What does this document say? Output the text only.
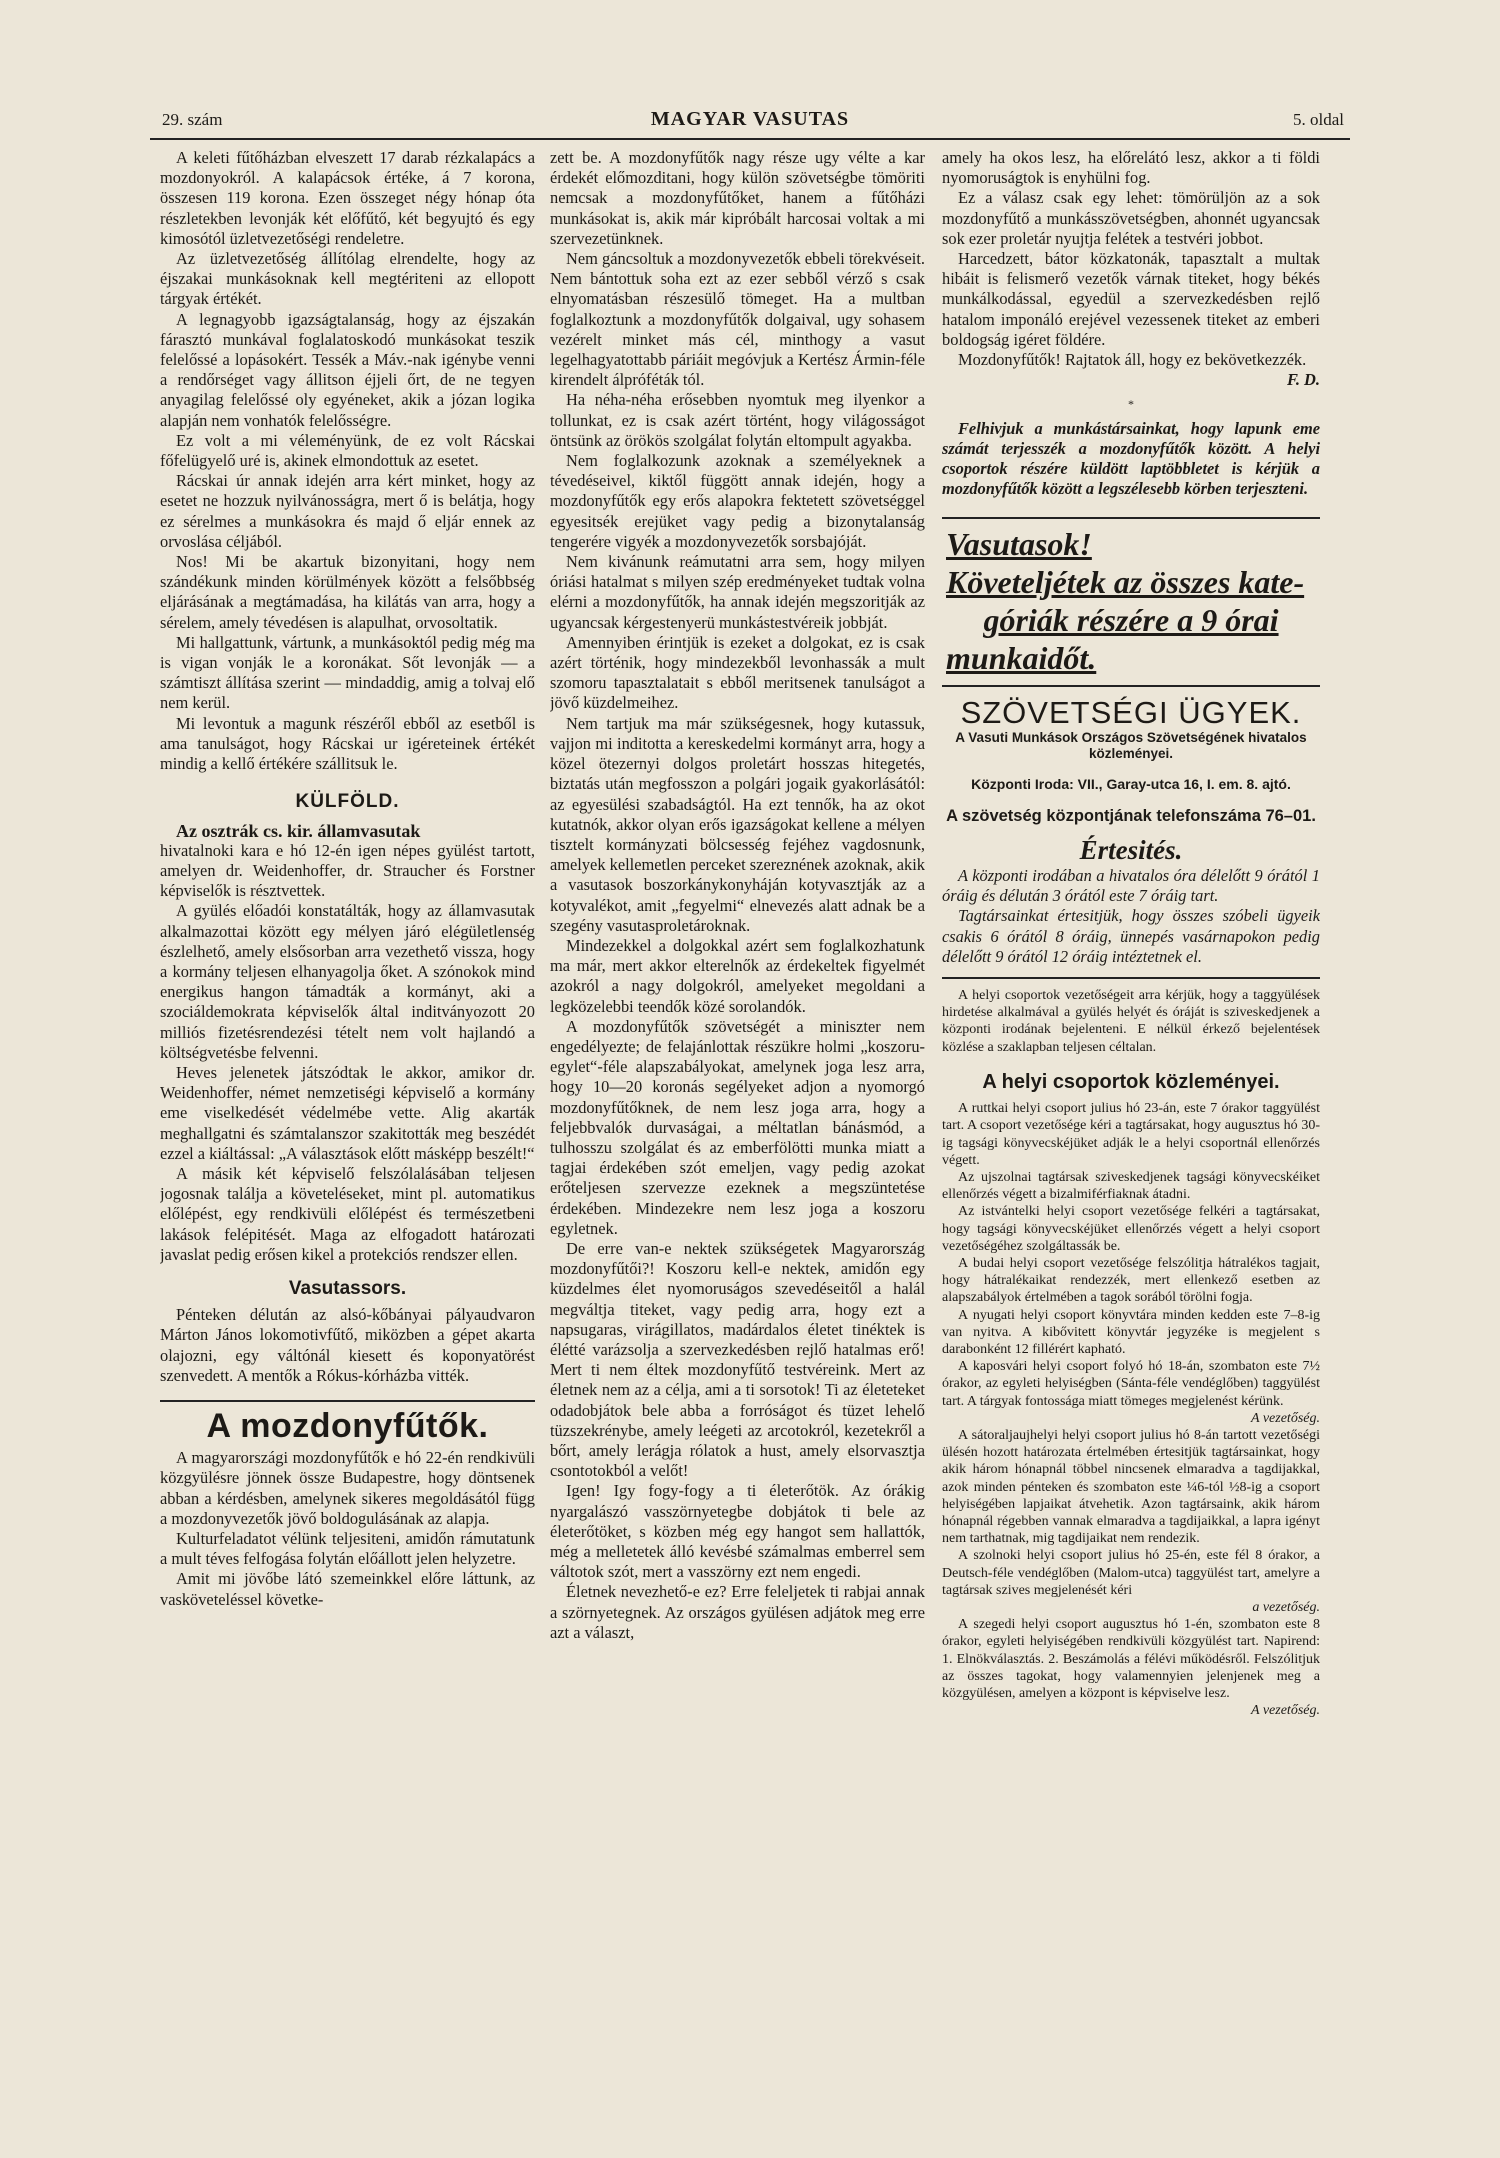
29. szám	MAGYAR VASUTAS	5. oldal

A keleti fűtőházban elveszett 17 darab rézkalapács a mozdonyokról. A kalapácsok értéke, á 7 korona, összesen 119 korona. Ezen összeget négy hónap óta részletekben levonják két előfűtő, két begyujtó és egy kimosótól üzletvezetőségi rendeletre.

Az üzletvezetőség állítólag elrendelte, hogy az éjszakai munkásoknak kell megtériteni az ellopott tárgyak értékét.

A legnagyobb igazságtalanság, hogy az éjszakán fárasztó munkával foglalatoskodó munkásokat teszik felelőssé a lopásokért. Tessék a Máv.-nak igénybe venni a rendőrséget vagy állitson éjjeli őrt, de ne tegyen anyagilag felelőssé oly egyéneket, akik a józan logika alapján nem vonhatók felelősségre.

Ez volt a mi véleményünk, de ez volt Rácskai főfelügyelő uré is, akinek elmondottuk az esetet.

Rácskai úr annak idején arra kért minket, hogy az esetet ne hozzuk nyilvánosságra, mert ő is belátja, hogy ez sérelmes a munkásokra és majd ő eljár ennek az orvoslása céljából.

Nos! Mi be akartuk bizonyitani, hogy nem szándékunk minden körülmények között a felsőbbség eljárásának a megtámadása, ha kilátás van arra, hogy a sérelem, amely tévedésen is alapulhat, orvosoltatik.

Mi hallgattunk, vártunk, a munkásoktól pedig még ma is vigan vonják le a koronákat. Sőt levonják — a számtiszt állítása szerint — mindaddig, amig a tolvaj elő nem kerül.

Mi levontuk a magunk részéről ebből az esetből is ama tanulságot, hogy Rácskai ur igéreteinek értékét mindig a kellő értékére szállitsuk le.

KÜLFÖLD.

Az osztrák cs. kir. államvasutak

hivatalnoki kara e hó 12-én igen népes gyülést tartott, amelyen dr. Weidenhoffer, dr. Straucher és Forstner képviselők is résztvettek.

A gyülés előadói konstatálták, hogy az államvasutak alkalmazottai között egy mélyen járó elégületlenség észlelhető, amely elsősorban arra vezethető vissza, hogy a kormány teljesen elhanyagolja őket. A szónokok mind energikus hangon támadták a kormányt, aki a szociáldemokrata képviselők által inditványozott 20 milliós fizetésrendezési tételt nem volt hajlandó a költségvetésbe felvenni.

Heves jelenetek játszódtak le akkor, amikor dr. Weidenhoffer, német nemzetiségi képviselő a kormány eme viselkedését védelmébe vette. Alig akarták meghallgatni és számtalanszor szakitották meg beszédét ezzel a kiáltással: „A választások előtt másképp beszélt!“

A másik két képviselő felszólalásában teljesen jogosnak találja a követeléseket, mint pl. automatikus előlépést, egy rendkivüli előlépést és természetbeni lakások felépitését. Maga az elfogadott határozati javaslat pedig erősen kikel a protekciós rendszer ellen.

Vasutassors.

Pénteken délután az alsó-kőbányai pályaudvaron Márton János lokomotivfűtő, miközben a gépet akarta olajozni, egy váltónál kiesett és koponyatörést szenvedett. A mentők a Rókus-kórházba vitték.

A mozdonyfűtők.

A magyarországi mozdonyfűtők e hó 22-én rendkivüli közgyülésre jönnek össze Budapestre, hogy döntsenek abban a kérdésben, amelynek sikeres megoldásától függ a mozdonyvezetők jövő boldogulásának az alapja.

Kulturfeladatot vélünk teljesiteni, amidőn rámutatunk a mult téves felfogása folytán előállott jelen helyzetre.

Amit mi jövőbe látó szemeinkkel előre láttunk, az vasköveteléssel követke-

zett be. A mozdonyfűtők nagy része ugy vélte a kar érdekét előmozditani, hogy külön szövetségbe tömöriti nemcsak a mozdonyfűtőket, hanem a fűtőházi munkásokat is, akik már kipróbált harcosai voltak a mi szervezetünknek.

Nem gáncsoltuk a mozdonyvezetők ebbeli törekvéseit. Nem bántottuk soha ezt az ezer sebből vérző s csak elnyomatásban részesülő tömeget. Ha a multban foglalkoztunk a mozdonyfűtők dolgaival, ugy sohasem vezérelt minket más cél, minthogy a vasut legelhagyatottabb páriáit megóvjuk a Kertész Ármin-féle kirendelt álpróféták tól.

Ha néha-néha erősebben nyomtuk meg ilyenkor a tollunkat, ez is csak azért történt, hogy világosságot öntsünk az örökös szolgálat folytán eltompult agyakba.

Nem foglalkozunk azoknak a személyeknek a tévedéseivel, kiktől függött annak idején, hogy a mozdonyfűtők egy erős alapokra fektetett szövetséggel egyesitsék erejüket vagy pedig a bizonytalanság tengerére vigyék a mozdonyvezetők sorsbajóját.

Nem kivánunk reámutatni arra sem, hogy milyen óriási hatalmat s milyen szép eredményeket tudtak volna elérni a mozdonyfűtők, ha annak idején megszoritják az ugyancsak kérgestenyerü munkástestvéreik jobbját.

Amennyiben érintjük is ezeket a dolgokat, ez is csak azért történik, hogy mindezekből levonhassák a mult szomoru tapasztalatait s ebből meritsenek tanulságot a jövő küzdelmeihez.

Nem tartjuk ma már szükségesnek, hogy kutassuk, vajjon mi inditotta a kereskedelmi kormányt arra, hogy a közel ötezernyi dolgos proletárt hosszas hitegetés, biztatás után megfosszon a polgári jogaik gyakorlásától: az egyesülési szabadságtól. Ha ezt tennők, ha az okot kutatnók, akkor olyan erős igazságokat kellene a mélyen tisztelt kormányzati bölcsesség fejéhez vagdosnunk, amelyek kellemetlen perceket szereznének azoknak, akik a vasutasok boszorkánykonyháján kotyvasztják az a kotyvalékot, amit „fegyelmi“ elnevezés alatt adnak be a szegény vasutasproletároknak.

Mindezekkel a dolgokkal azért sem foglalkozhatunk ma már, mert akkor elterelnők az érdekeltek figyelmét azokról a nagy dolgokról, amelyeket megoldani a legközelebbi teendők közé sorolandók.

A mozdonyfűtők szövetségét a miniszter nem engedélyezte; de felajánlottak részükre holmi „koszoru-egylet“-féle alapszabályokat, amelynek joga lesz arra, hogy 10—20 koronás segélyeket adjon a nyomorgó mozdonyfűtőknek, de nem lesz joga arra, hogy a feljebbvalók durvaságai, a méltatlan bánásmód, a tulhosszu szolgálat és az emberfölötti munka miatt a tagjai érdekében szót emeljen, vagy pedig azokat erőteljesen szervezze ezeknek a megszüntetése érdekében. Mindezekre nem lesz joga a koszoru egyletnek.

De erre van-e nektek szükségetek Magyarország mozdonyfűtői?! Koszoru kell-e nektek, amidőn egy küzdelmes élet nyomoruságos szevedéseitől a halál megváltja titeket, vagy pedig arra, hogy ezt a napsugaras, virágillatos, madárdalos életet tinéktek is élétté varázsolja a szervezkedésben rejlő hatalmas erő! Mert ti nem éltek mozdonyfűtő testvéreink. Mert az életnek nem az a célja, ami a ti sorsotok! Ti az életeteket odadobjátok bele abba a forróságot és tüzet lehelő tüzszekrénybe, amely leégeti az arcotokról, kezetekről a bőrt, amely lerágja rólatok a hust, amely elsorvasztja csontotokból a velőt!

Igen! Igy fogy-fogy a ti életerőtök. Az órákig nyargalászó vasszörnyetegbe dobjátok ti bele az életerőtöket, s közben még egy hangot sem hallattók, még a melletetek álló kevésbé számalmas emberrel sem váltotok szót, mert a vasszörny ezt nem engedi.

Életnek nevezhető-e ez? Erre feleljetek ti rabjai annak a szörnyetegnek. Az országos gyülésen adjátok meg erre azt a választ,

amely ha okos lesz, ha előrelátó lesz, akkor a ti földi nyomoruságtok is enyhülni fog.

Ez a válasz csak egy lehet: tömörüljön az a sok mozdonyfűtő a munkásszövetségben, ahonnét ugyancsak sok ezer proletár nyujtja felétek a testvéri jobbot.

Harcedzett, bátor közkatonák, tapasztalt a multak hibáit is felismerő vezetők várnak titeket, hogy békés munkálkodással, egyedül a szervezkedésben rejlő hatalom imponáló erejével vezessenek titeket az emberi boldogság igéret földére.

Mozdonyfűtők! Rajtatok áll, hogy ez bekövetkezzék.

F. D.

*

Felhivjuk a munkástársainkat, hogy lapunk eme számát terjesszék a mozdonyfűtők között. A helyi csoportok részére küldött laptöbbletet is kérjük a mozdonyfűtők között a legszélesebb körben terjeszteni.

Vasutasok!
Követeljétek az összes kate-
góriák részére a 9 órai
munkaidőt.
SZÖVETSÉGI ÜGYEK.
A Vasuti Munkások Országos Szövetségének hivatalos közleményei.
Központi Iroda: VII., Garay-utca 16, I. em. 8. ajtó.
A szövetség központjának telefonszáma 76–01.
Értesités.

A központi irodában a hivatalos óra délelőtt 9 órától 1 óráig és délután 3 órától este 7 óráig tart.

Tagtársainkat értesitjük, hogy összes szóbeli ügyeik csakis 6 órától 8 óráig, ünnepés vasárnapokon pedig délelőtt 9 órától 12 óráig intéztetnek el.

A helyi csoportok vezetőségeit arra kérjük, hogy a taggyülések hirdetése alkalmával a gyülés helyét és óráját is sziveskedjenek a központi irodának bejelenteni. E nélkül érkező bejelentések közlése a szaklapban teljesen céltalan.

A helyi csoportok közleményei.

A ruttkai helyi csoport julius hó 23-án, este 7 órakor taggyülést tart. A csoport vezetősége kéri a tagtársakat, hogy augusztus hó 30-ig tagsági könyvecskéjüket adják le a helyi csoportnál ellenőrzés végett.

Az ujszolnai tagtársak sziveskedjenek tagsági könyvecskéiket ellenőrzés végett a bizalmiférfiaknak átadni.

Az istvántelki helyi csoport vezetősége felkéri a tagtársakat, hogy tagsági könyvecskéjüket ellenőrzés végett a helyi csoport vezetőségéhez szolgáltassák be.

A budai helyi csoport vezetősége felszólitja hátralékos tagjait, hogy hátralékaikat rendezzék, mert ellenkező esetben az alapszabályok értelmében a tagok sorából törölni fogja.

A nyugati helyi csoport könyvtára minden kedden este 7–8-ig van nyitva. A kibővitett könyvtár jegyzéke is megjelent s darabonként 12 fillérért kapható.

A kaposvári helyi csoport folyó hó 18-án, szombaton este 7½ órakor, az egyleti helyiségben (Sánta-féle vendéglőben) taggyülést tart. A tárgyak fontossága miatt tömeges megjelenést kérünk.

A vezetőség.

A sátoraljaujhelyi helyi csoport julius hó 8-án tartott vezetőségi ülésén hozott határozata értelmében értesitjük tagtársainkat, hogy akik három hónapnál többel nincsenek elmaradva a tagdijakkal, azok minden pénteken és szombaton este ¼6-tól ½8-ig a csoport helyiségében lapjaikat átvehetik. Azon tagtársaink, akik három hónapnál régebben vannak elmaradva a tagdijaikkal, a lapra igényt nem tarthatnak, mig tagdijaikat nem rendezik.

A szolnoki helyi csoport julius hó 25-én, este fél 8 órakor, a Deutsch-féle vendéglőben (Malom-utca) taggyülést tart, amelyre a tagtársak szives megjelenését kéri

a vezetőség.

A szegedi helyi csoport augusztus hó 1-én, szombaton este 8 órakor, egyleti helyiségében rendkivüli közgyülést tart. Napirend: 1. Elnökválasztás. 2. Beszámolás a félévi működésről. Felszólitjuk az összes tagokat, hogy valamennyien jelenjenek meg a közgyülésen, amelyen a központ is képviselve lesz.

A vezetőség.
